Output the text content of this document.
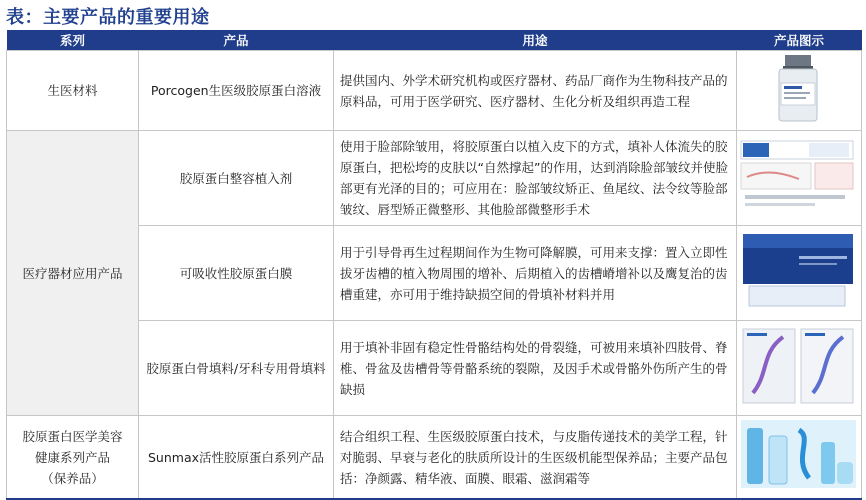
表：主要产品的重要用途
系列	产品	用途	产品图示
生医材料	Porcogen生医级胶原蛋白溶液	提供国内、外学术研究机构或医疗器材、药品厂商作为生物科技产品的原料品，可用于医学研究、医疗器材、生化分析及组织再造工程	

医疗器材应用产品	胶原蛋白整容植入剂	使用于脸部除皱用，将胶原蛋白以植入皮下的方式，填补人体流失的胶原蛋白，把松垮的皮肤以“自然撑起”的作用，达到消除脸部皱纹并使脸部更有光泽的目的；可应用在：脸部皱纹矫正、鱼尾纹、法令纹等脸部皱纹、唇型矫正微整形、其他脸部微整形手术	

	可吸收性胶原蛋白膜	用于引导骨再生过程期间作为生物可降解膜，可用来支撑：置入立即性拔牙齿槽的植入物周围的增补、后期植入的齿槽嵴增补以及鹰复治的齿槽重建，亦可用于维持缺损空间的骨填补材料并用	

	胶原蛋白骨填料/牙科专用骨填料	用于填补非固有稳定性骨骼结构处的骨裂缝，可被用来填补四肢骨、脊椎、骨盆及齿槽骨等骨骼系统的裂隙，及因手术或骨骼外伤所产生的骨缺损	

胶原蛋白医学美容
健康系列产品
（保养品）	Sunmax活性胶原蛋白系列产品	结合组织工程、生医级胶原蛋白技术，与皮脂传递技术的美学工程，针对脆弱、早衰与老化的肤质所设计的生医级机能型保养品；主要产品包括：净颜露、精华液、面膜、眼霜、滋润霜等	
